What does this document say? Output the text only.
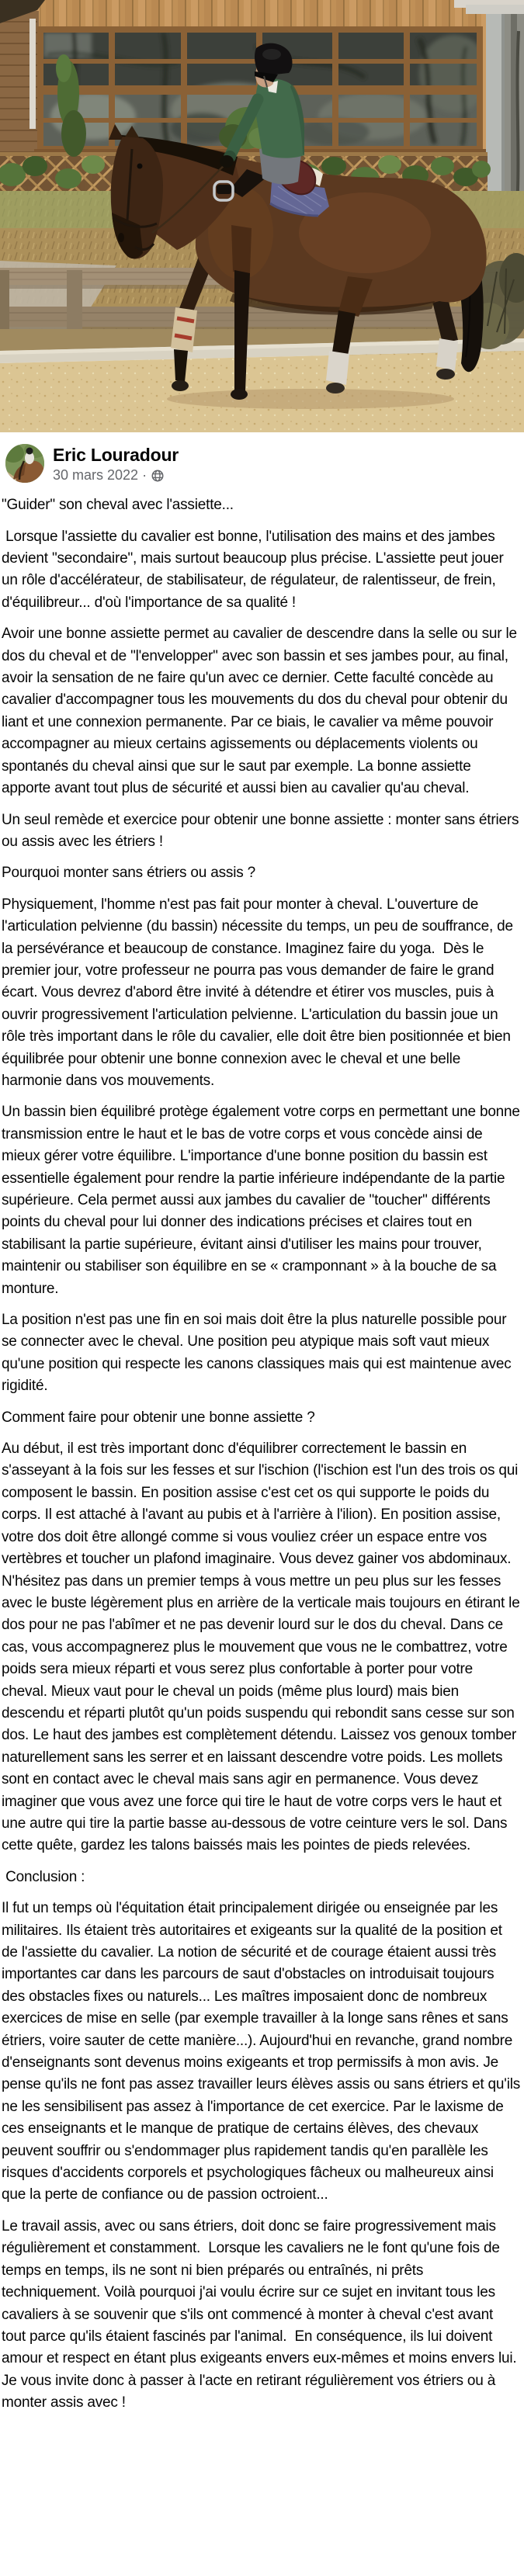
Eric Louradour
30 mars 2022 ·

"Guider" son cheval avec l'assiette...

Lorsque l'assiette du cavalier est bonne, l'utilisation des mains et des jambes devient "secondaire", mais surtout beaucoup plus précise. L'assiette peut jouer un rôle d'accélérateur, de stabilisateur, de régulateur, de ralentisseur, de frein, d'équilibreur... d'où l'importance de sa qualité !

Avoir une bonne assiette permet au cavalier de descendre dans la selle ou sur le dos du cheval et de "l'envelopper" avec son bassin et ses jambes pour, au final, avoir la sensation de ne faire qu'un avec ce dernier. Cette faculté concède au cavalier d'accompagner tous les mouvements du dos du cheval pour obtenir du liant et une connexion permanente. Par ce biais, le cavalier va même pouvoir accompagner au mieux certains agissements ou déplacements violents ou spontanés du cheval ainsi que sur le saut par exemple. La bonne assiette apporte avant tout plus de sécurité et aussi bien au cavalier qu'au cheval.

Un seul remède et exercice pour obtenir une bonne assiette : monter sans étriers ou assis avec les étriers !

Pourquoi monter sans étriers ou assis ?

Physiquement, l'homme n'est pas fait pour monter à cheval. L'ouverture de l'articulation pelvienne (du bassin) nécessite du temps, un peu de souffrance, de la persévérance et beaucoup de constance. Imaginez faire du yoga.  Dès le premier jour, votre professeur ne pourra pas vous demander de faire le grand écart. Vous devrez d'abord être invité à détendre et étirer vos muscles, puis à ouvrir progressivement l'articulation pelvienne. L'articulation du bassin joue un rôle très important dans le rôle du cavalier, elle doit être bien positionnée et bien équilibrée pour obtenir une bonne connexion avec le cheval et une belle harmonie dans vos mouvements.

Un bassin bien équilibré protège également votre corps en permettant une bonne transmission entre le haut et le bas de votre corps et vous concède ainsi de mieux gérer votre équilibre. L'importance d'une bonne position du bassin est essentielle également pour rendre la partie inférieure indépendante de la partie supérieure. Cela permet aussi aux jambes du cavalier de "toucher" différents points du cheval pour lui donner des indications précises et claires tout en stabilisant la partie supérieure, évitant ainsi d'utiliser les mains pour trouver, maintenir ou stabiliser son équilibre en se « cramponnant » à la bouche de sa monture.

La position n'est pas une fin en soi mais doit être la plus naturelle possible pour se connecter avec le cheval. Une position peu atypique mais soft vaut mieux qu'une position qui respecte les canons classiques mais qui est maintenue avec rigidité.

Comment faire pour obtenir une bonne assiette ?

Au début, il est très important donc d'équilibrer correctement le bassin en s'asseyant à la fois sur les fesses et sur l'ischion (l'ischion est l'un des trois os qui composent le bassin. En position assise c'est cet os qui supporte le poids du corps. Il est attaché à l'avant au pubis et à l'arrière à l'ilion). En position assise, votre dos doit être allongé comme si vous vouliez créer un espace entre vos vertèbres et toucher un plafond imaginaire. Vous devez gainer vos abdominaux. N'hésitez pas dans un premier temps à vous mettre un peu plus sur les fesses avec le buste légèrement plus en arrière de la verticale mais toujours en étirant le dos pour ne pas l'abîmer et ne pas devenir lourd sur le dos du cheval. Dans ce cas, vous accompagnerez plus le mouvement que vous ne le combattrez, votre poids sera mieux réparti et vous serez plus confortable à porter pour votre cheval. Mieux vaut pour le cheval un poids (même plus lourd) mais bien descendu et réparti plutôt qu'un poids suspendu qui rebondit sans cesse sur son dos. Le haut des jambes est complètement détendu. Laissez vos genoux tomber naturellement sans les serrer et en laissant descendre votre poids. Les mollets sont en contact avec le cheval mais sans agir en permanence. Vous devez imaginer que vous avez une force qui tire le haut de votre corps vers le haut et une autre qui tire la partie basse au-dessous de votre ceinture vers le sol. Dans cette quête, gardez les talons baissés mais les pointes de pieds relevées.

Conclusion :

Il fut un temps où l'équitation était principalement dirigée ou enseignée par les militaires. Ils étaient très autoritaires et exigeants sur la qualité de la position et de l'assiette du cavalier. La notion de sécurité et de courage étaient aussi très importantes car dans les parcours de saut d'obstacles on introduisait toujours des obstacles fixes ou naturels... Les maîtres imposaient donc de nombreux exercices de mise en selle (par exemple travailler à la longe sans rênes et sans étriers, voire sauter de cette manière...). Aujourd'hui en revanche, grand nombre d'enseignants sont devenus moins exigeants et trop permissifs à mon avis. Je pense qu'ils ne font pas assez travailler leurs élèves assis ou sans étriers et qu'ils ne les sensibilisent pas assez à l'importance de cet exercice. Par le laxisme de ces enseignants et le manque de pratique de certains élèves, des chevaux peuvent souffrir ou s'endommager plus rapidement tandis qu'en parallèle les risques d'accidents corporels et psychologiques fâcheux ou malheureux ainsi que la perte de confiance ou de passion octroient...

Le travail assis, avec ou sans étriers, doit donc se faire progressivement mais régulièrement et constamment.  Lorsque les cavaliers ne le font qu'une fois de temps en temps, ils ne sont ni bien préparés ou entraînés, ni prêts techniquement. Voilà pourquoi j'ai voulu écrire sur ce sujet en invitant tous les cavaliers à se souvenir que s'ils ont commencé à monter à cheval c'est avant tout parce qu'ils étaient fascinés par l'animal.  En conséquence, ils lui doivent amour et respect en étant plus exigeants envers eux-mêmes et moins envers lui. Je vous invite donc à passer à l'acte en retirant régulièrement vos étriers ou à monter assis avec !
